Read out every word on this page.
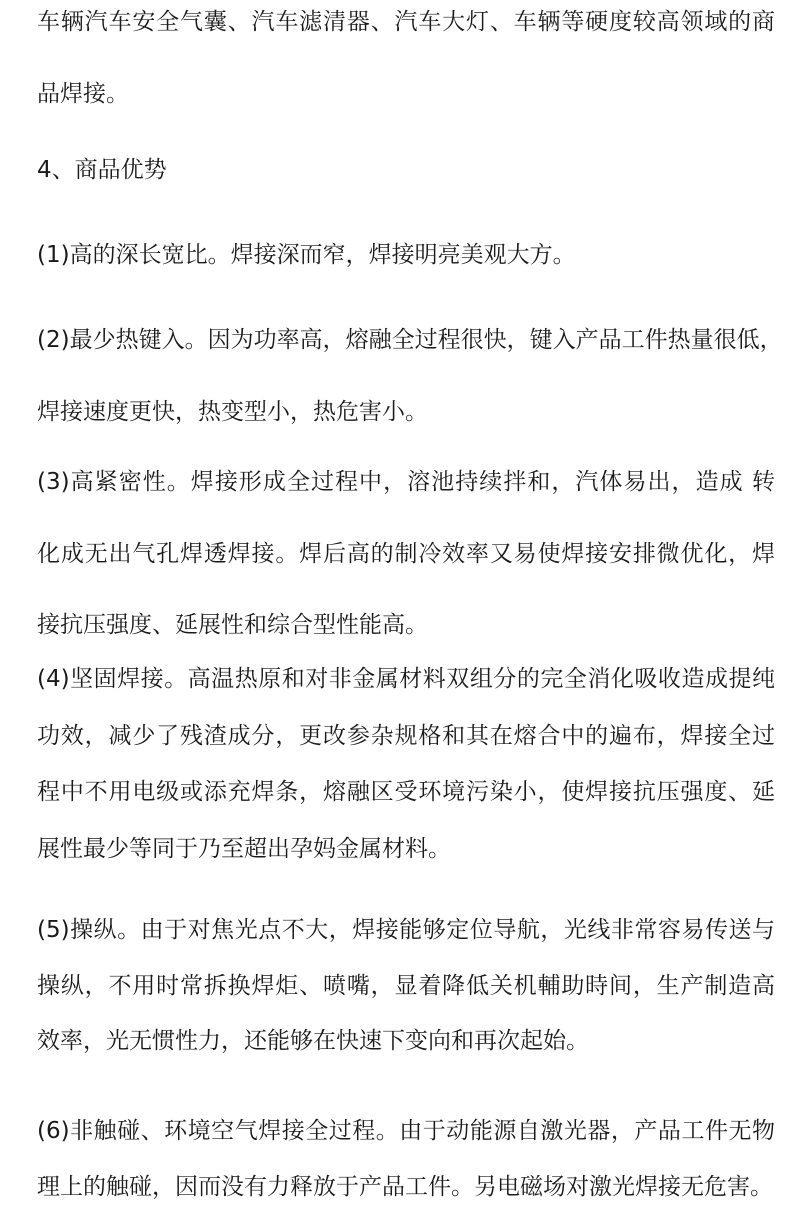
车辆汽车安全气囊、汽车滤清器、汽车大灯、车辆等硬度较高领域的商
品焊接。
4、商品优势
(1)高的深长宽比。焊接深而窄，焊接明亮美观大方。
(2)最少热键入。因为功率高，熔融全过程很快，键入产品工件热量很低，
焊接速度更快，热变型小，热危害小。
(3)高紧密性。焊接形成全过程中，溶池持续拌和，汽体易出，造成 转
化成无出气孔焊透焊接。焊后高的制冷效率又易使焊接安排微优化，焊
接抗压强度、延展性和综合型性能高。
(4)坚固焊接。高温热原和对非金属材料双组分的完全消化吸收造成提纯
功效，减少了残渣成分，更改参杂规格和其在熔合中的遍布，焊接全过
程中不用电级或添充焊条，熔融区受环境污染小，使焊接抗压强度、延
展性最少等同于乃至超出孕妈金属材料。
(5)操纵。由于对焦光点不大，焊接能够定位导航，光线非常容易传送与
操纵，不用时常拆换焊炬、喷嘴，显着降低关机輔助時间，生产制造高
效率，光无惯性力，还能够在快速下变向和再次起始。
(6)非触碰、环境空气焊接全过程。由于动能源自激光器，产品工件无物
理上的触碰，因而没有力释放于产品工件。另电磁场对激光焊接无危害。
